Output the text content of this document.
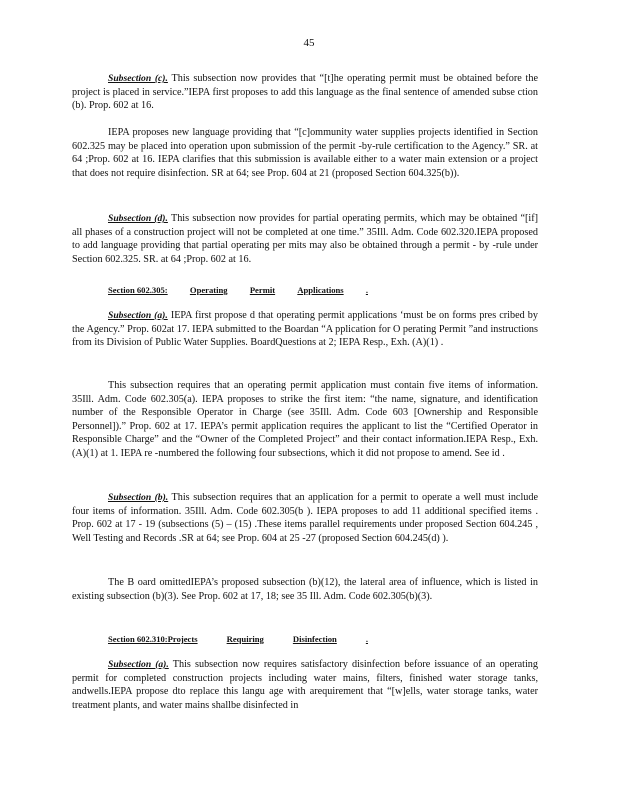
45

Subsection (c). This subsection now provides that “[t]he operating permit must be obtained before the project is placed in service.”IEPA first proposes to add this language as the final sentence of amended subse ction (b). Prop. 602 at 16.

IEPA proposes new language providing that “[c]ommunity water supplies projects identified in Section 602.325 may be placed into operation upon submission of the permit -by-rule certification to the Agency.” SR. at 64 ;Prop. 602 at 16. IEPA clarifies that this submission is available either to a water main extension or a project that does not require disinfection. SR at 64; see Prop. 604 at 21 (proposed Section 604.325(b)).

Subsection (d). This subsection now provides for partial operating permits, which may be obtained “[if] all phases of a construction project will not be completed at one time.” 35Ill. Adm. Code 602.320.IEPA proposed to add language providing that partial operating per mits may also be obtained through a permit - by -rule under Section 602.325. SR. at 64 ;Prop. 602 at 16.

Section 602.305:	Operating	Permit	Applications	.

Subsection (a). IEPA first propose d that operating permit applications ‘must be on forms pres cribed by the Agency.” Prop. 602at 17. IEPA submitted to the Boardan “A pplication for O perating Permit ”and instructions from its Division of Public Water Supplies. BoardQuestions at 2; IEPA Resp., Exh. (A)(1) .

This subsection requires that an operating permit application must contain five items of information. 35Ill. Adm. Code 602.305(a). IEPA proposes to strike the first item: “the name, signature, and identification number of the Responsible Operator in Charge (see 35Ill. Adm. Code 603 [Ownership and Responsible Personnel]).” Prop. 602 at 17. IEPA’s permit application requires the applicant to list the “Certified Operator in Responsible Charge” and the “Owner of the Completed Project” and their contact information.IEPA Resp., Exh. (A)(1) at 1. IEPA re -numbered the following four subsections, which it did not propose to amend. See id .

Subsection (b). This subsection requires that an application for a permit to operate a well must include four items of information. 35Ill. Adm. Code 602.305(b ). IEPA proposes to add 11 additional specified items . Prop. 602 at 17 - 19 (subsections (5) – (15) .These items parallel requirements under proposed Section 604.245 , Well Testing and Records .SR at 64; see Prop. 604 at 25 -27 (proposed Section 604.245(d) ).

The B oard omittedIEPA’s proposed subsection (b)(12), the lateral area of influence, which is listed in existing subsection (b)(3). See Prop. 602 at 17, 18; see 35 Ill. Adm. Code 602.305(b)(3).

Section 602.310:Projects	Requiring	Disinfection	.

Subsection (a). This subsection now requires satisfactory disinfection before issuance of an operating permit for completed construction projects including water mains, filters, finished water storage tanks, andwells.IEPA propose dto replace this langu age with arequirement that “[w]ells, water storage tanks, water treatment plants, and water mains shallbe disinfected in
